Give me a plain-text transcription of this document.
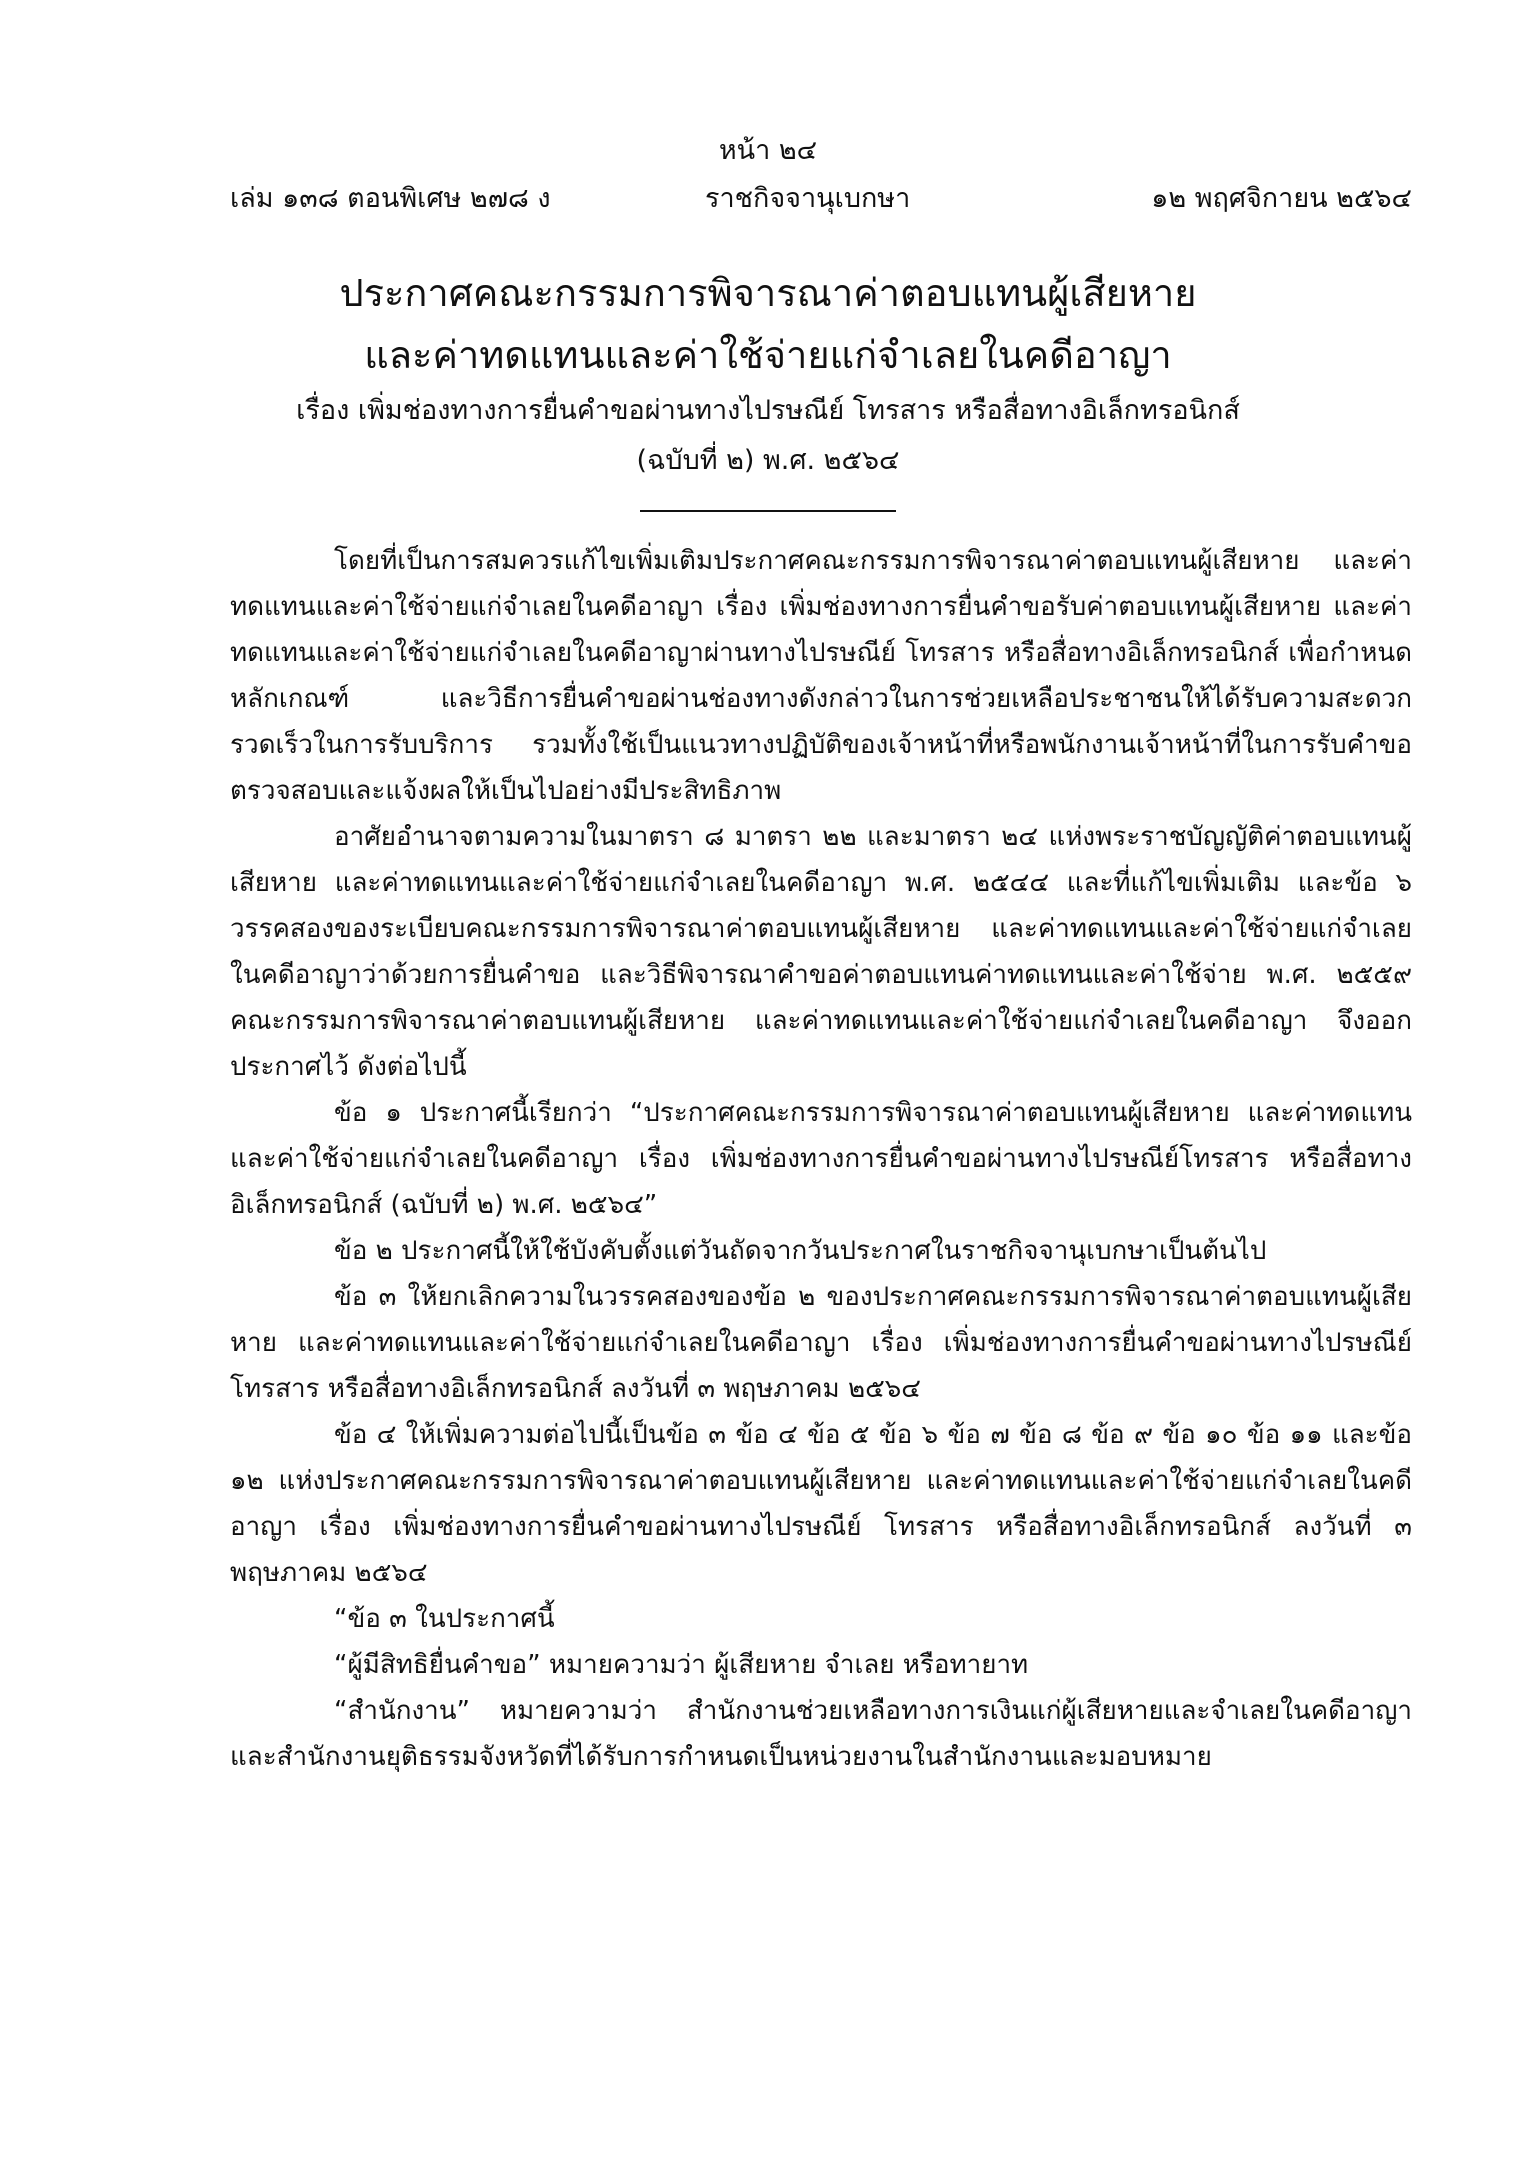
หน้า ๒๔
เล่ม ๑๓๘ ตอนพิเศษ ๒๗๘ ง	ราชกิจจานุเบกษา	๑๒ พฤศจิกายน ๒๕๖๔
ประกาศคณะกรรมการพิจารณาค่าตอบแทนผู้เสียหาย
และค่าทดแทนและค่าใช้จ่ายแก่จำเลยในคดีอาญา
เรื่อง เพิ่มช่องทางการยื่นคำขอผ่านทางไปรษณีย์ โทรสาร หรือสื่อทางอิเล็กทรอนิกส์
(ฉบับที่ ๒) พ.ศ. ๒๕๖๔

โดยที่เป็นการสมควรแก้ไขเพิ่มเติมประกาศคณะกรรมการพิจารณาค่าตอบแทนผู้เสียหาย และค่าทดแทนและค่าใช้จ่ายแก่จำเลยในคดีอาญา เรื่อง เพิ่มช่องทางการยื่นคำขอรับค่าตอบแทนผู้เสียหาย และค่าทดแทนและค่าใช้จ่ายแก่จำเลยในคดีอาญาผ่านทางไปรษณีย์ โทรสาร หรือสื่อทางอิเล็กทรอนิกส์ เพื่อกำหนดหลักเกณฑ์ และวิธีการยื่นคำขอผ่านช่องทางดังกล่าวในการช่วยเหลือประชาชนให้ได้รับความสะดวก รวดเร็วในการรับบริการ รวมทั้งใช้เป็นแนวทางปฏิบัติของเจ้าหน้าที่หรือพนักงานเจ้าหน้าที่ในการรับคำขอ ตรวจสอบและแจ้งผลให้เป็นไปอย่างมีประสิทธิภาพ

อาศัยอำนาจตามความในมาตรา ๘ มาตรา ๒๒ และมาตรา ๒๔ แห่งพระราชบัญญัติค่าตอบแทนผู้เสียหาย และค่าทดแทนและค่าใช้จ่ายแก่จำเลยในคดีอาญา พ.ศ. ๒๕๔๔ และที่แก้ไขเพิ่มเติม และข้อ ๖ วรรคสองของระเบียบคณะกรรมการพิจารณาค่าตอบแทนผู้เสียหาย และค่าทดแทนและค่าใช้จ่ายแก่จำเลยในคดีอาญาว่าด้วยการยื่นคำขอ และวิธีพิจารณาคำขอค่าตอบแทนค่าทดแทนและค่าใช้จ่าย พ.ศ. ๒๕๕๙ คณะกรรมการพิจารณาค่าตอบแทนผู้เสียหาย และค่าทดแทนและค่าใช้จ่ายแก่จำเลยในคดีอาญา จึงออกประกาศไว้ ดังต่อไปนี้

ข้อ ๑ ประกาศนี้เรียกว่า “ประกาศคณะกรรมการพิจารณาค่าตอบแทนผู้เสียหาย และค่าทดแทนและค่าใช้จ่ายแก่จำเลยในคดีอาญา เรื่อง เพิ่มช่องทางการยื่นคำขอผ่านทางไปรษณีย์โทรสาร หรือสื่อทางอิเล็กทรอนิกส์ (ฉบับที่ ๒) พ.ศ. ๒๕๖๔”

ข้อ ๒ ประกาศนี้ให้ใช้บังคับตั้งแต่วันถัดจากวันประกาศในราชกิจจานุเบกษาเป็นต้นไป

ข้อ ๓ ให้ยกเลิกความในวรรคสองของข้อ ๒ ของประกาศคณะกรรมการพิจารณาค่าตอบแทนผู้เสียหาย และค่าทดแทนและค่าใช้จ่ายแก่จำเลยในคดีอาญา เรื่อง เพิ่มช่องทางการยื่นคำขอผ่านทางไปรษณีย์ โทรสาร หรือสื่อทางอิเล็กทรอนิกส์ ลงวันที่ ๓ พฤษภาคม ๒๕๖๔

ข้อ ๔ ให้เพิ่มความต่อไปนี้เป็นข้อ ๓ ข้อ ๔ ข้อ ๕ ข้อ ๖ ข้อ ๗ ข้อ ๘ ข้อ ๙ ข้อ ๑๐ ข้อ ๑๑ และข้อ ๑๒ แห่งประกาศคณะกรรมการพิจารณาค่าตอบแทนผู้เสียหาย และค่าทดแทนและค่าใช้จ่ายแก่จำเลยในคดีอาญา เรื่อง เพิ่มช่องทางการยื่นคำขอผ่านทางไปรษณีย์ โทรสาร หรือสื่อทางอิเล็กทรอนิกส์ ลงวันที่ ๓ พฤษภาคม ๒๕๖๔

“ข้อ ๓ ในประกาศนี้

“ผู้มีสิทธิยื่นคำขอ” หมายความว่า ผู้เสียหาย จำเลย หรือทายาท

“สำนักงาน” หมายความว่า สำนักงานช่วยเหลือทางการเงินแก่ผู้เสียหายและจำเลยในคดีอาญา และสำนักงานยุติธรรมจังหวัดที่ได้รับการกำหนดเป็นหน่วยงานในสำนักงานและมอบหมาย
